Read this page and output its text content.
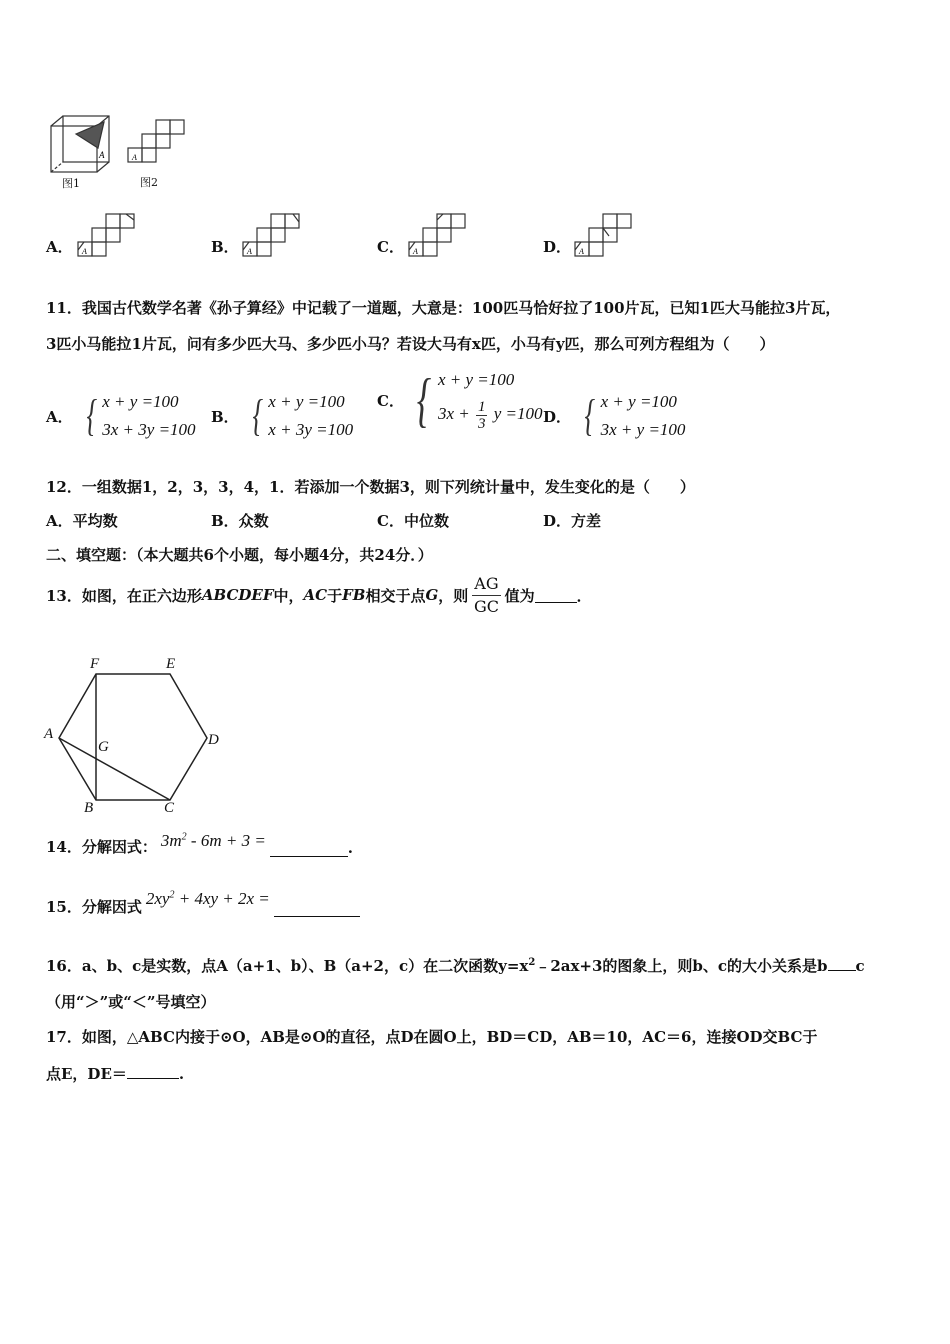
A
图1
A
图2
A． A	B． A	C． A	D． A
11．我国古代数学名著《孙子算经》中记载了一道题，大意是：100匹马恰好拉了100片瓦，已知1匹大马能拉3片瓦，
3匹小马能拉1片瓦，问有多少匹大马、多少匹小马？若设大马有x匹，小马有y匹，那么可列方程组为（　　）
A． { x + y =100
3x + 3y =100
B． { x + y =100
x + 3y =100
C． { x + y =100
$3x + \frac{1}{3}$ y =100 D． { x + y =100
3x + y =100
12．一组数据1，2，3，3，4，1．若添加一个数据3，则下列统计量中，发生变化的是（　　）
A．平均数	B．众数	C．中位数	D．方差
二、填空题：（本大题共6个小题，每小题4分，共24分．）
13．如图，在正六边形 ABCDEF 中， AC 于 FB 相交于点 G ，则 $\frac{AG}{GC}$ 值为	．
F	E
D
C
B
A
G
14．分解因式： $3m^2 - 6m + 3$ =	.
15．分解因式 $2xy^2 + 4xy + 2x$ =
16．a、b、c是实数，点A（a+1、b）、B（a+2，c）在二次函数$y=x^2﹣2ax+3$的图象上，则b、c的大小关系是b c
（用“＞”或“＜”号填空）
17．如图，△ABC内接于⊙O，AB是⊙O的直径，点D在圆O上，BD＝CD，AB＝10，AC＝6，连接OD交BC于
点E，DE＝	.
